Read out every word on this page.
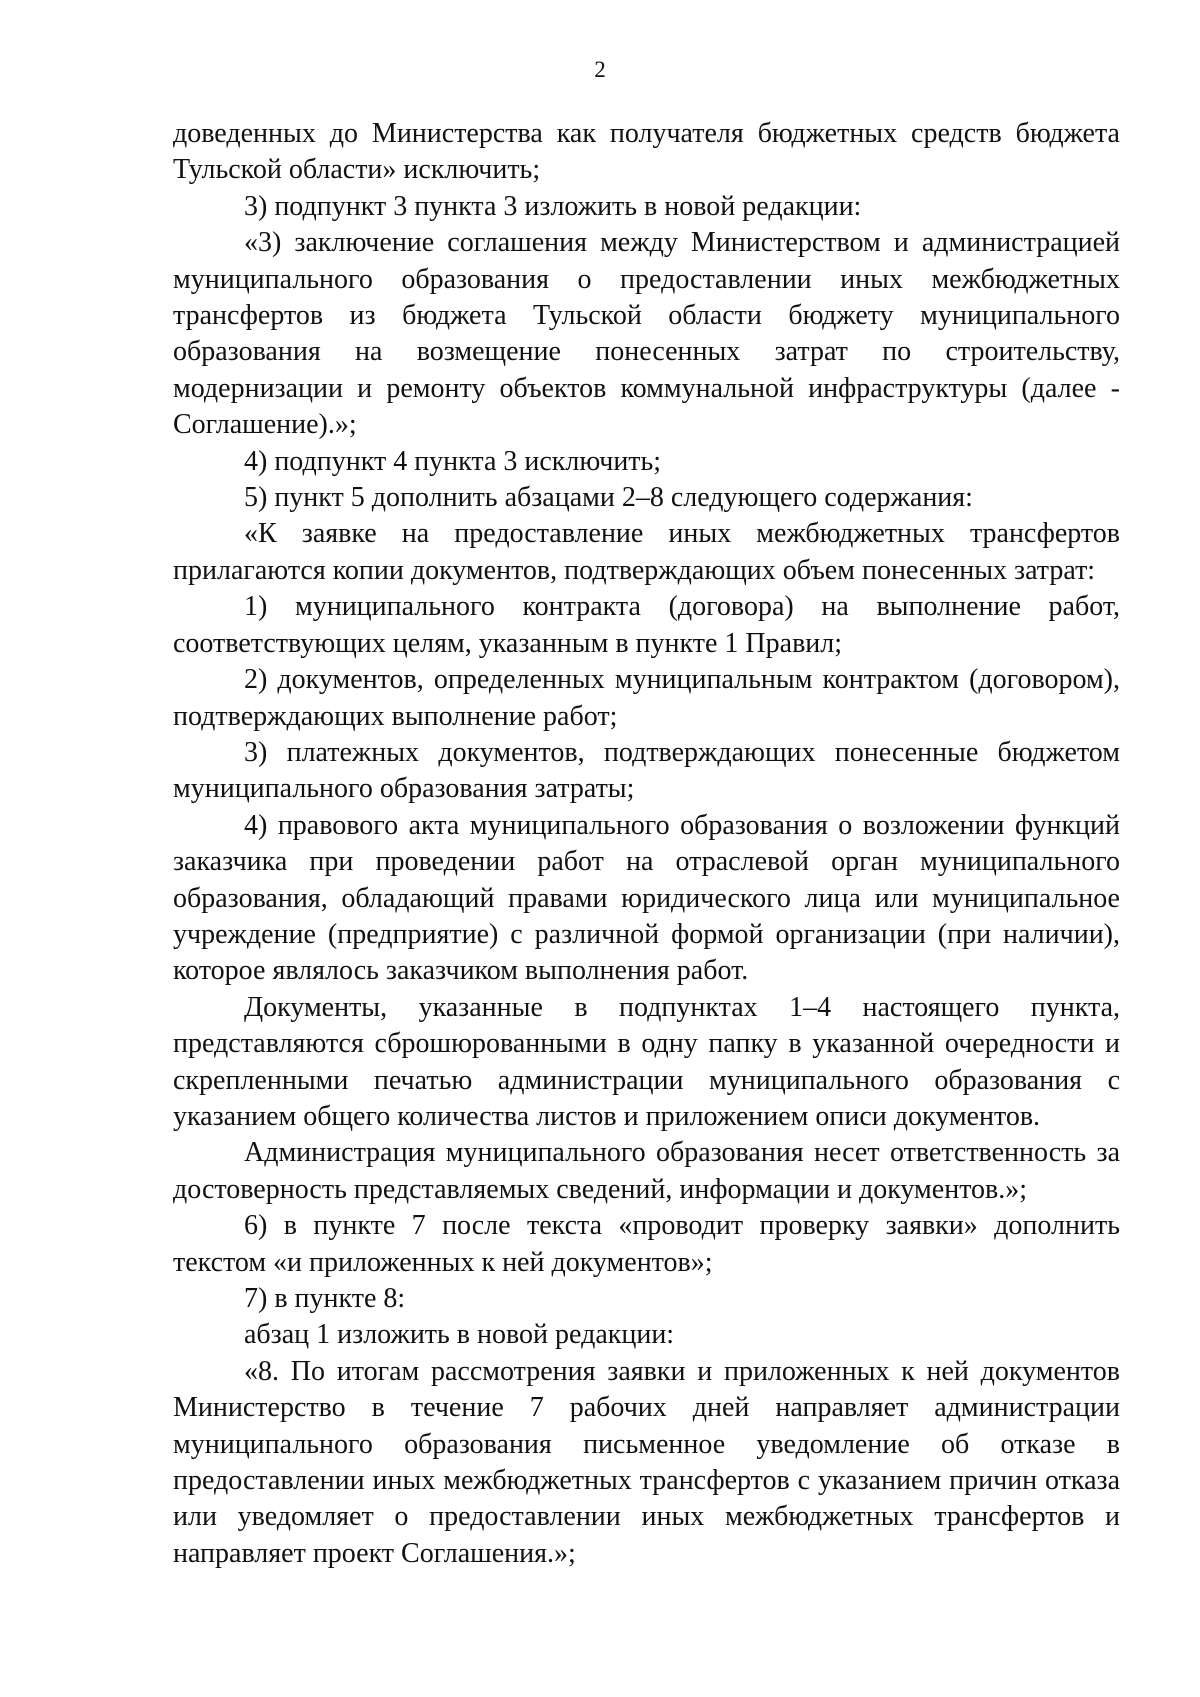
2

доведенных до Министерства как получателя бюджетных средств бюджета Тульской области» исключить;

3) подпункт 3 пункта 3 изложить в новой редакции:

«3) заключение соглашения между Министерством и администрацией муниципального образования о предоставлении иных межбюджетных трансфертов из бюджета Тульской области бюджету муниципального образования на возмещение понесенных затрат по строительству, модернизации и ремонту объектов коммунальной инфраструктуры (далее - Соглашение).»;

4) подпункт 4 пункта 3 исключить;

5) пункт 5 дополнить абзацами 2–8 следующего содержания:

«К заявке на предоставление иных межбюджетных трансфертов прилагаются копии документов, подтверждающих объем понесенных затрат:

1) муниципального контракта (договора) на выполнение работ, соответствующих целям, указанным в пункте 1 Правил;

2) документов, определенных муниципальным контрактом (договором), подтверждающих выполнение работ;

3) платежных документов, подтверждающих понесенные бюджетом муниципального образования затраты;

4) правового акта муниципального образования о возложении функций заказчика при проведении работ на отраслевой орган муниципального образования, обладающий правами юридического лица или муниципальное учреждение (предприятие) с различной формой организации (при наличии), которое являлось заказчиком выполнения работ.

Документы, указанные в подпунктах 1–4 настоящего пункта, представляются сброшюрованными в одну папку в указанной очередности и скрепленными печатью администрации муниципального образования с указанием общего количества листов и приложением описи документов.

Администрация муниципального образования несет ответственность за достоверность представляемых сведений, информации и документов.»;

6) в пункте 7 после текста «проводит проверку заявки» дополнить текстом «и приложенных к ней документов»;

7) в пункте 8:

абзац 1 изложить в новой редакции:

«8. По итогам рассмотрения заявки и приложенных к ней документов Министерство в течение 7 рабочих дней направляет администрации муниципального образования письменное уведомление об отказе в предоставлении иных межбюджетных трансфертов с указанием причин отказа или уведомляет о предоставлении иных межбюджетных трансфертов и направляет проект Соглашения.»;
